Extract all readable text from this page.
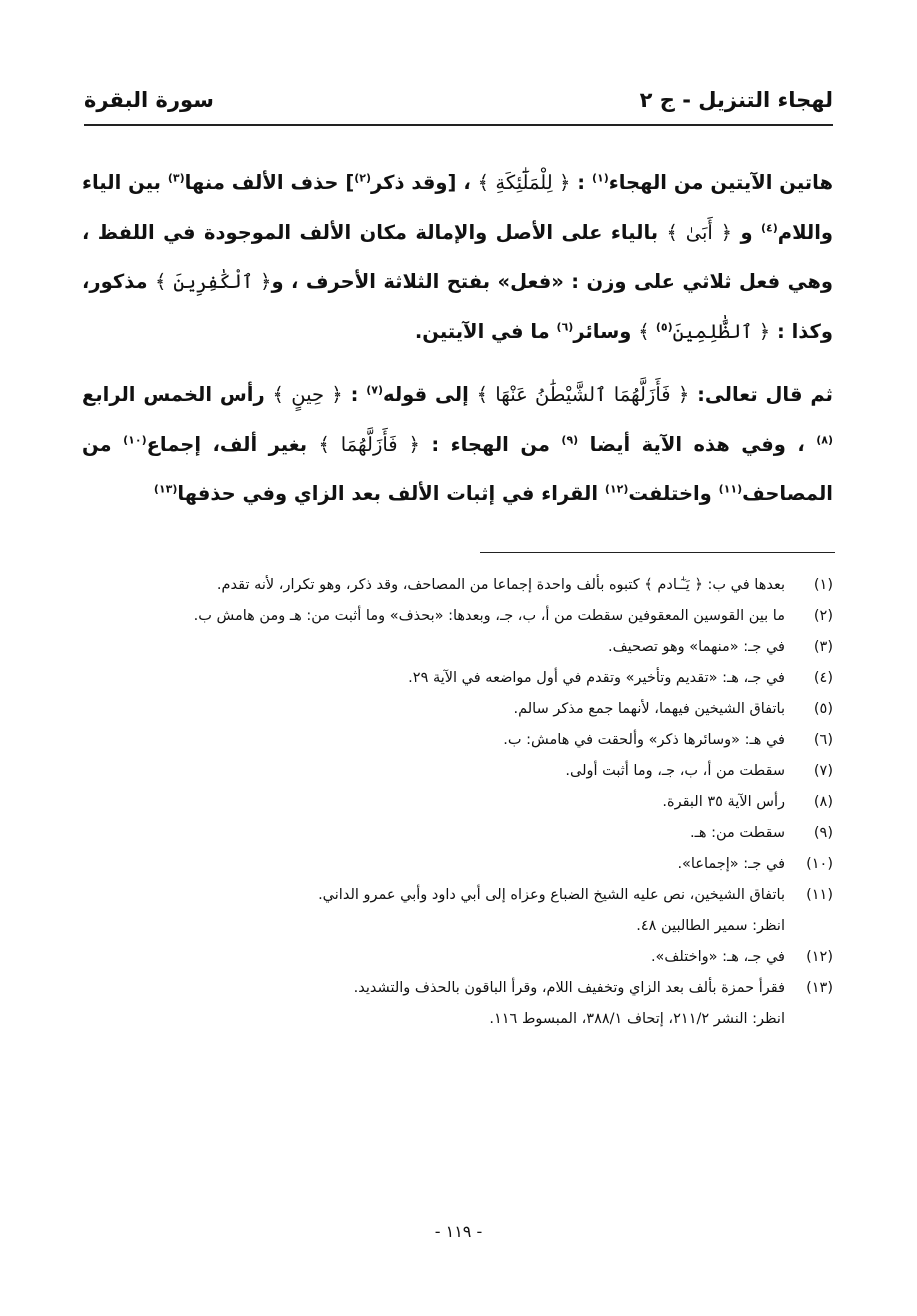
لهجاء التنزيل - ج ٢
سورة البقرة

هاتين الآيتين من الهجاء$^{(١)}$ : ﴿ لِلْمَلَٰٓئِكَةِ ﴾ ، [وقد ذكر$^{(٢)}$] حذف الألف منها$^{(٣)}$ بين الياء واللام$^{(٤)}$ و ﴿ أَبَىٰ ﴾ بالياء على الأصل والإمالة مكان الألف الموجودة في اللفظ ، وهي فعل ثلاثي على وزن : «فعل» بفتح الثلاثة الأحرف ، و﴿ ٱلْكَٰفِرِينَ ﴾ مذكور، وكذا : ﴿ ٱلظَّٰلِمِينَ$^{(٥)}$ ﴾ وسائر$^{(٦)}$ ما في الآيتين.

ثم قال تعالى: ﴿ فَأَزَلَّهُمَا ٱلشَّيْطَٰنُ عَنْهَا ﴾ إلى قوله$^{(٧)}$ : ﴿ حِينٍ ﴾ رأس الخمس الرابع $^{(٨)}$ ، وفي هذه الآية أيضا $^{(٩)}$ من الهجاء : ﴿ فَأَزَلَّهُمَا ﴾ بغير ألف، إجماع$^{(١٠)}$ من المصاحف$^{(١١)}$ واختلفت$^{(١٢)}$ القراء في إثبات الألف بعد الزاي وفي حذفها$^{(١٣)}$

(١)
بعدها في ب: ﴿ يَـٰٓـادم ﴾ كتبوه بألف واحدة إجماعا من المصاحف، وقد ذكر، وهو تكرار، لأنه تقدم.
(٢)
ما بين القوسين المعقوفين سقطت من أ، ب، جـ، وبعدها: «بحذف» وما أثبت من: هـ ومن هامش ب.
(٣)
في جـ: «منهما» وهو تصحيف.
(٤)
في جـ، هـ: «تقديم وتأخير» وتقدم في أول مواضعه في الآية ٢٩.
(٥)
باتفاق الشيخين فيهما، لأنهما جمع مذكر سالم.
(٦)
في هـ: «وسائرها ذكر» وألحقت في هامش: ب.
(٧)
سقطت من أ، ب، جـ، وما أثبت أولى.
(٨)
رأس الآية ٣٥ البقرة.
(٩)
سقطت من: هـ.
(١٠)
في جـ: «إجماعا».
(١١)
باتفاق الشيخين، نص عليه الشيخ الضباع وعزاه إلى أبي داود وأبي عمرو الداني.
انظر: سمير الطالبين ٤٨.
(١٢)
في جـ، هـ: «واختلف».
(١٣)
فقرأ حمزة بألف بعد الزاي وتخفيف اللام، وقرأ الباقون بالحذف والتشديد.
انظر: النشر ٢١١/٢، إتحاف ٣٨٨/١، المبسوط ١١٦.
- ١١٩ -
